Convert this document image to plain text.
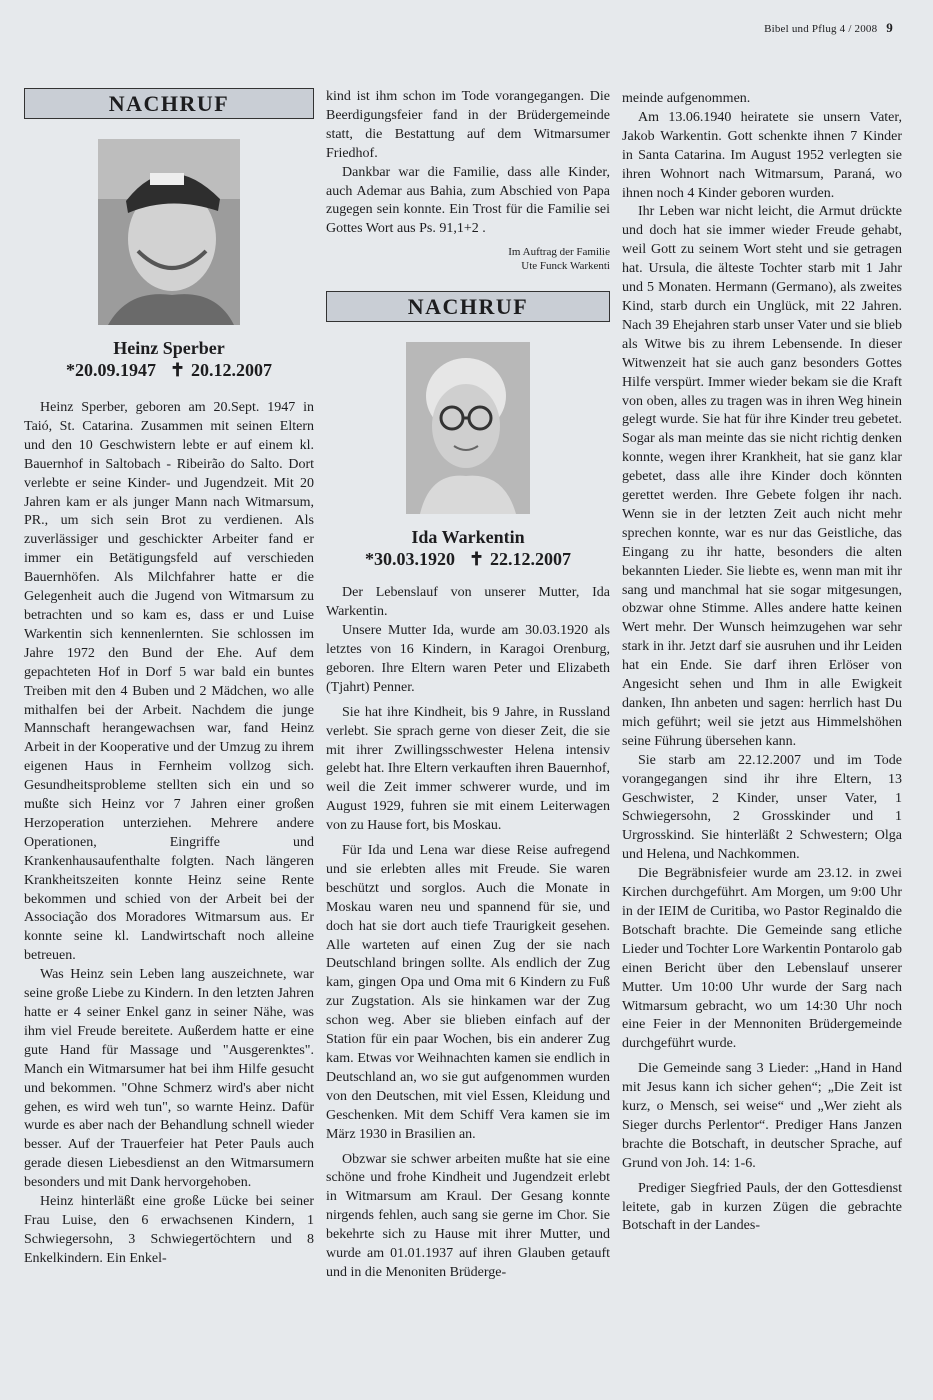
Bibel und Pflug 4 / 2008 9
NACHRUF
Heinz Sperber
*20.09.1947 ✝ 20.12.2007

Heinz Sperber, geboren am 20.Sept. 1947 in Taió, St. Catarina. Zusammen mit seinen Eltern und den 10 Geschwistern lebte er auf einem kl. Bauernhof in Saltobach - Ribeirão do Salto. Dort verlebte er seine Kinder- und Jugendzeit. Mit 20 Jahren kam er als junger Mann nach Witmarsum, PR., um sich sein Brot zu verdienen. Als zuverlässiger und geschickter Arbeiter fand er immer ein Betätigungsfeld auf verschieden Bauernhöfen. Als Milchfahrer hatte er die Gelegenheit auch die Jugend von Witmarsum zu betrachten und so kam es, dass er und Luise Warkentin sich kennenlernten. Sie schlossen im Jahre 1972 den Bund der Ehe. Auf dem gepachteten Hof in Dorf 5 war bald ein buntes Treiben mit den 4 Buben und 2 Mädchen, wo alle mithalfen bei der Arbeit. Nachdem die junge Mannschaft herangewachsen war, fand Heinz Arbeit in der Kooperative und der Umzug zu ihrem eigenen Haus in Fernheim vollzog sich. Gesundheitsprobleme stellten sich ein und so mußte sich Heinz vor 7 Jahren einer großen Herzoperation unterziehen. Mehrere andere Operationen, Eingriffe und Krankenhausaufenthalte folgten. Nach längeren Krankheitszeiten konnte Heinz seine Rente bekommen und schied von der Arbeit bei der Associação dos Moradores Witmarsum aus. Er konnte seine kl. Landwirtschaft noch alleine betreuen.

Was Heinz sein Leben lang auszeichnete, war seine große Liebe zu Kindern. In den letzten Jahren hatte er 4 seiner Enkel ganz in seiner Nähe, was ihm viel Freude bereitete. Außerdem hatte er eine gute Hand für Massage und "Ausgerenktes". Manch ein Witmarsumer hat bei ihm Hilfe gesucht und bekommen. "Ohne Schmerz wird's aber nicht gehen, es wird weh tun", so warnte Heinz. Dafür wurde es aber nach der Behandlung schnell wieder besser. Auf der Trauerfeier hat Peter Pauls auch gerade diesen Liebesdienst an den Witmarsumern besonders und mit Dank hervorgehoben.

Heinz hinterläßt eine große Lücke bei seiner Frau Luise, den 6 erwachsenen Kindern, 1 Schwiegersohn, 3 Schwiegertöchtern und 8 Enkelkindern. Ein Enkel-

kind ist ihm schon im Tode vorangegangen. Die Beerdigungsfeier fand in der Brüdergemeinde statt, die Bestattung auf dem Witmarsumer Friedhof.

Dankbar war die Familie, dass alle Kinder, auch Ademar aus Bahia, zum Abschied von Papa zugegen sein konnte. Ein Trost für die Familie sei Gottes Wort aus Ps. 91,1+2 .

Im Auftrag der Familie
Ute Funck Warkenti
NACHRUF
Ida Warkentin
*30.03.1920 ✝ 22.12.2007

Der Lebenslauf von unserer Mutter, Ida Warkentin.

Unsere Mutter Ida, wurde am 30.03.1920 als letztes von 16 Kindern, in Karagoi Orenburg, geboren. Ihre Eltern waren Peter und Elizabeth (Tjahrt) Penner.

Sie hat ihre Kindheit, bis 9 Jahre, in Russland verlebt. Sie sprach gerne von dieser Zeit, die sie mit ihrer Zwillingsschwester Helena intensiv gelebt hat. Ihre Eltern verkauften ihren Bauernhof, weil die Zeit immer schwerer wurde, und im August 1929, fuhren sie mit einem Leiterwagen von zu Hause fort, bis Moskau.

Für Ida und Lena war diese Reise aufregend und sie erlebten alles mit Freude. Sie waren beschützt und sorglos. Auch die Monate in Moskau waren neu und spannend für sie, und doch hat sie dort auch tiefe Traurigkeit gesehen. Alle warteten auf einen Zug der sie nach Deutschland bringen sollte. Als endlich der Zug kam, gingen Opa und Oma mit 6 Kindern zu Fuß zur Zugstation. Als sie hinkamen war der Zug schon weg. Aber sie blieben einfach auf der Station für ein paar Wochen, bis ein anderer Zug kam. Etwas vor Weihnachten kamen sie endlich in Deutschland an, wo sie gut aufgenommen wurden von den Deutschen, mit viel Essen, Kleidung und Geschenken. Mit dem Schiff Vera kamen sie im März 1930 in Brasilien an.

Obzwar sie schwer arbeiten mußte hat sie eine schöne und frohe Kindheit und Jugendzeit erlebt in Witmarsum am Kraul. Der Gesang konnte nirgends fehlen, auch sang sie gerne im Chor. Sie bekehrte sich zu Hause mit ihrer Mutter, und wurde am 01.01.1937 auf ihren Glauben getauft und in die Menoniten Brüderge-

meinde aufgenommen.

Am 13.06.1940 heiratete sie unsern Vater, Jakob Warkentin. Gott schenkte ihnen 7 Kinder in Santa Catarina. Im August 1952 verlegten sie ihren Wohnort nach Witmarsum, Paraná, wo ihnen noch 4 Kinder geboren wurden.

Ihr Leben war nicht leicht, die Armut drückte und doch hat sie immer wieder Freude gehabt, weil Gott zu seinem Wort steht und sie getragen hat. Ursula, die älteste Tochter starb mit 1 Jahr und 5 Monaten. Hermann (Germano), als zweites Kind, starb durch ein Unglück, mit 22 Jahren. Nach 39 Ehejahren starb unser Vater und sie blieb als Witwe bis zu ihrem Lebensende. In dieser Witwenzeit hat sie auch ganz besonders Gottes Hilfe verspürt. Immer wieder bekam sie die Kraft von oben, alles zu tragen was in ihren Weg hinein gelegt wurde. Sie hat für ihre Kinder treu gebetet. Sogar als man meinte das sie nicht richtig denken konnte, wegen ihrer Krankheit, hat sie ganz klar gebetet, dass alle ihre Kinder doch könnten gerettet werden. Ihre Gebete folgen ihr nach. Wenn sie in der letzten Zeit auch nicht mehr sprechen konnte, war es nur das Geistliche, das Eingang zu ihr hatte, besonders die alten bekannten Lieder. Sie liebte es, wenn man mit ihr sang und manchmal hat sie sogar mitgesungen, obzwar ohne Stimme. Alles andere hatte keinen Wert mehr. Der Wunsch heimzugehen war sehr stark in ihr. Jetzt darf sie ausruhen und ihr Leiden hat ein Ende. Sie darf ihren Erlöser von Angesicht sehen und Ihm in alle Ewigkeit danken, Ihn anbeten und sagen: herrlich hast Du mich geführt; weil sie jetzt aus Himmelshöhen seine Führung übersehen kann.

Sie starb am 22.12.2007 und im Tode vorangegangen sind ihr ihre Eltern, 13 Geschwister, 2 Kinder, unser Vater, 1 Schwiegersohn, 2 Grosskinder und 1 Urgrosskind. Sie hinterläßt 2 Schwestern; Olga und Helena, und Nachkommen.

Die Begräbnisfeier wurde am 23.12. in zwei Kirchen durchgeführt. Am Morgen, um 9:00 Uhr in der IEIM de Curitiba, wo Pastor Reginaldo die Botschaft brachte. Die Gemeinde sang etliche Lieder und Tochter Lore Warkentin Pontarolo gab einen Bericht über den Lebenslauf unserer Mutter. Um 10:00 Uhr wurde der Sarg nach Witmarsum gebracht, wo um 14:30 Uhr noch eine Feier in der Mennoniten Brüdergemeinde durchgeführt wurde.

Die Gemeinde sang 3 Lieder: „Hand in Hand mit Jesus kann ich sicher gehen“; „Die Zeit ist kurz, o Mensch, sei weise“ und „Wer zieht als Sieger durchs Perlentor“. Prediger Hans Janzen brachte die Botschaft, in deutscher Sprache, auf Grund von Joh. 14: 1-6.

Prediger Siegfried Pauls, der den Gottesdienst leitete, gab in kurzen Zügen die gebrachte Botschaft in der Landes-
